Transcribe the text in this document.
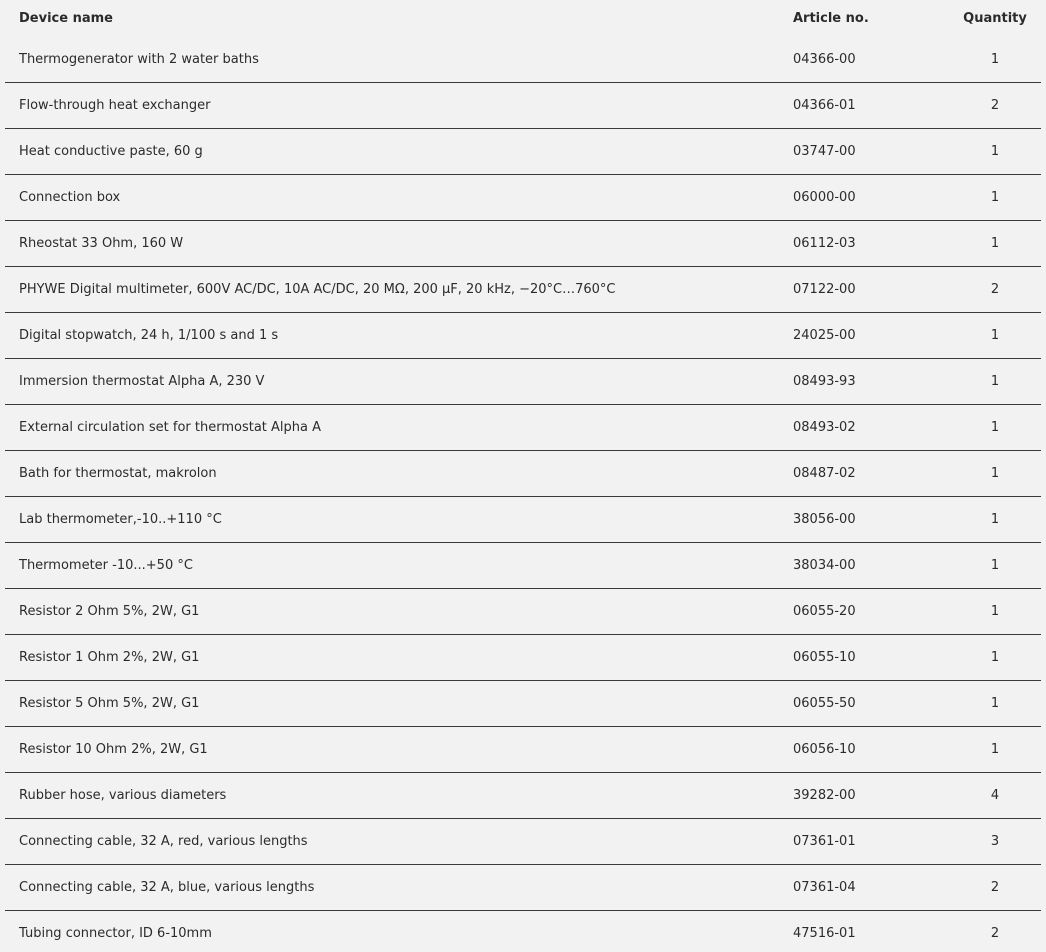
Device name	Article no.	Quantity
Thermogenerator with 2 water baths	04366-00	1
Flow-through heat exchanger	04366-01	2
Heat conductive paste, 60 g	03747-00	1
Connection box	06000-00	1
Rheostat 33 Ohm, 160 W	06112-03	1
PHYWE Digital multimeter, 600V AC/DC, 10A AC/DC, 20 MΩ, 200 µF, 20 kHz, −20°C…760°C	07122-00	2
Digital stopwatch, 24 h, 1/100 s and 1 s	24025-00	1
Immersion thermostat Alpha A, 230 V	08493-93	1
External circulation set for thermostat Alpha A	08493-02	1
Bath for thermostat, makrolon	08487-02	1
Lab thermometer,-10..+110 °C	38056-00	1
Thermometer -10...+50 °C	38034-00	1
Resistor 2 Ohm 5%, 2W, G1	06055-20	1
Resistor 1 Ohm 2%, 2W, G1	06055-10	1
Resistor 5 Ohm 5%, 2W, G1	06055-50	1
Resistor 10 Ohm 2%, 2W, G1	06056-10	1
Rubber hose, various diameters	39282-00	4
Connecting cable, 32 A, red, various lengths	07361-01	3
Connecting cable, 32 A, blue, various lengths	07361-04	2
Tubing connector, ID 6-10mm	47516-01	2
